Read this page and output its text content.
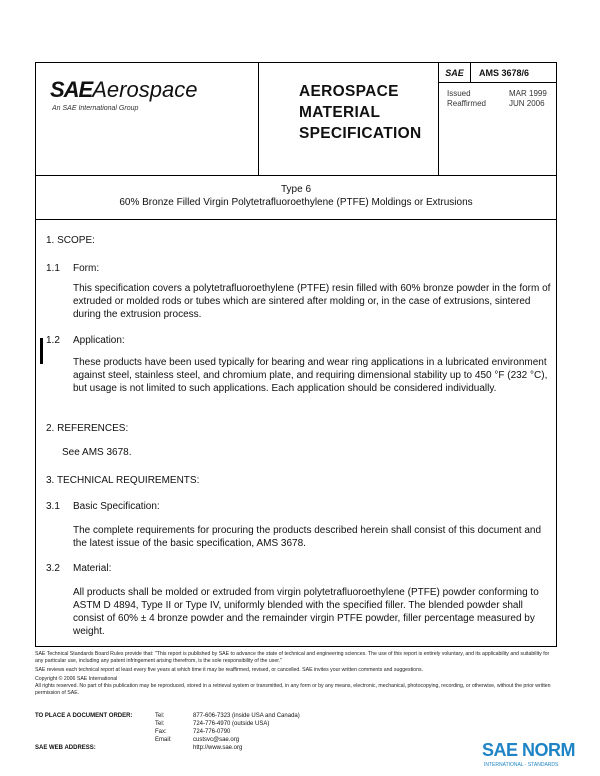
SAEAerospace
An SAE International Group
AEROSPACE
MATERIAL
SPECIFICATION
SAE	AMS 3678/6
Issued	MAR 1999
Reaffirmed	JUN 2006
Type 6
60% Bronze Filled Virgin Polytetrafluoroethylene (PTFE) Moldings or Extrusions
1. SCOPE:
1.1 Form:
This specification covers a polytetrafluoroethylene (PTFE) resin filled with 60% bronze powder in the form of extruded or molded rods or tubes which are sintered after molding or, in the case of extrusions, sintered during the extrusion process.
1.2 Application:
These products have been used typically for bearing and wear ring applications in a lubricated environment against steel, stainless steel, and chromium plate, and requiring dimensional stability up to 450 °F (232 °C), but usage is not limited to such applications. Each application should be considered individually.
2. REFERENCES:
See AMS 3678.
3. TECHNICAL REQUIREMENTS:
3.1 Basic Specification:
The complete requirements for procuring the products described herein shall consist of this document and the latest issue of the basic specification, AMS 3678.
3.2 Material:
All products shall be molded or extruded from virgin polytetrafluoroethylene (PTFE) powder conforming to ASTM D 4894, Type II or Type IV, uniformly blended with the specified filler. The blended powder shall consist of 60% ± 4 bronze powder and the remainder virgin PTFE powder, filler percentage measured by weight.

SAE Technical Standards Board Rules provide that: "This report is published by SAE to advance the state of technical and engineering sciences. The use of this report is entirely voluntary, and its applicability and suitability for any particular use, including any patent infringement arising therefrom, is the sole responsibility of the user."

SAE reviews each technical report at least every five years at which time it may be reaffirmed, revised, or cancelled. SAE invites your written comments and suggestions.

Copyright © 2006 SAE International

All rights reserved. No part of this publication may be reproduced, stored in a retrieval system or transmitted, in any form or by any means, electronic, mechanical, photocopying, recording, or otherwise, without the prior written permission of SAE.

TO PLACE A DOCUMENT ORDER:	Tel:	877-606-7323 (inside USA and Canada)
Tel:	724-776-4970 (outside USA)
Fax:	724-776-0790
Email:	custsvc@sae.org
SAE WEB ADDRESS:	http://www.sae.org	SAE NORM
INTERNATIONAL · STANDARDS
